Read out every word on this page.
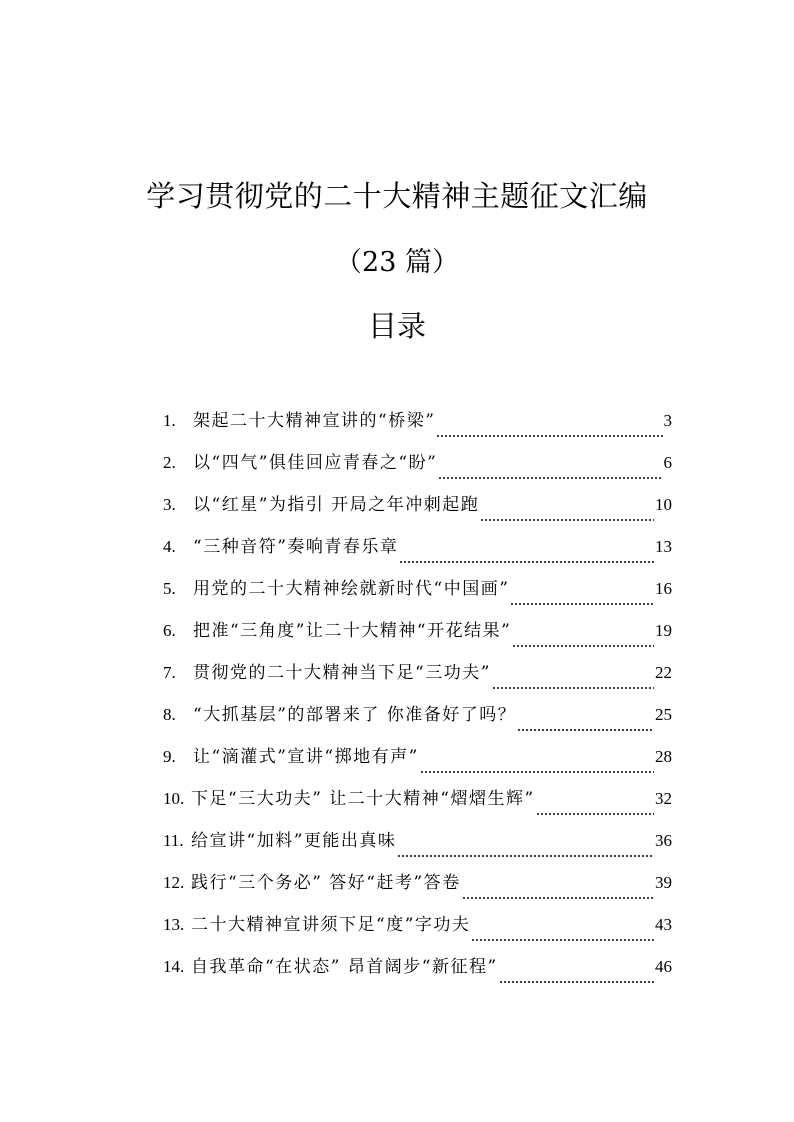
学习贯彻党的二十大精神主题征文汇编
（23 篇）
目录
1.	架起二十大精神宣讲的“桥梁”	3
2.	以“四气”俱佳回应青春之“盼”	6
3.	以“红星”为指引 开局之年冲刺起跑	10
4.	“三种音符”奏响青春乐章	13
5.	用党的二十大精神绘就新时代“中国画”	16
6.	把准“三角度”让二十大精神“开花结果”	19
7.	贯彻党的二十大精神当下足“三功夫”	22
8.	“大抓基层”的部署来了 你准备好了吗？	25
9.	让“滴灌式”宣讲“掷地有声”	28
10. 下足“三大功夫” 让二十大精神“熠熠生辉”	32
11. 给宣讲“加料”更能出真味	36
12. 践行“三个务必” 答好“赶考”答卷	39
13. 二十大精神宣讲须下足“度”字功夫	43
14. 自我革命“在状态” 昂首阔步“新征程”	46
